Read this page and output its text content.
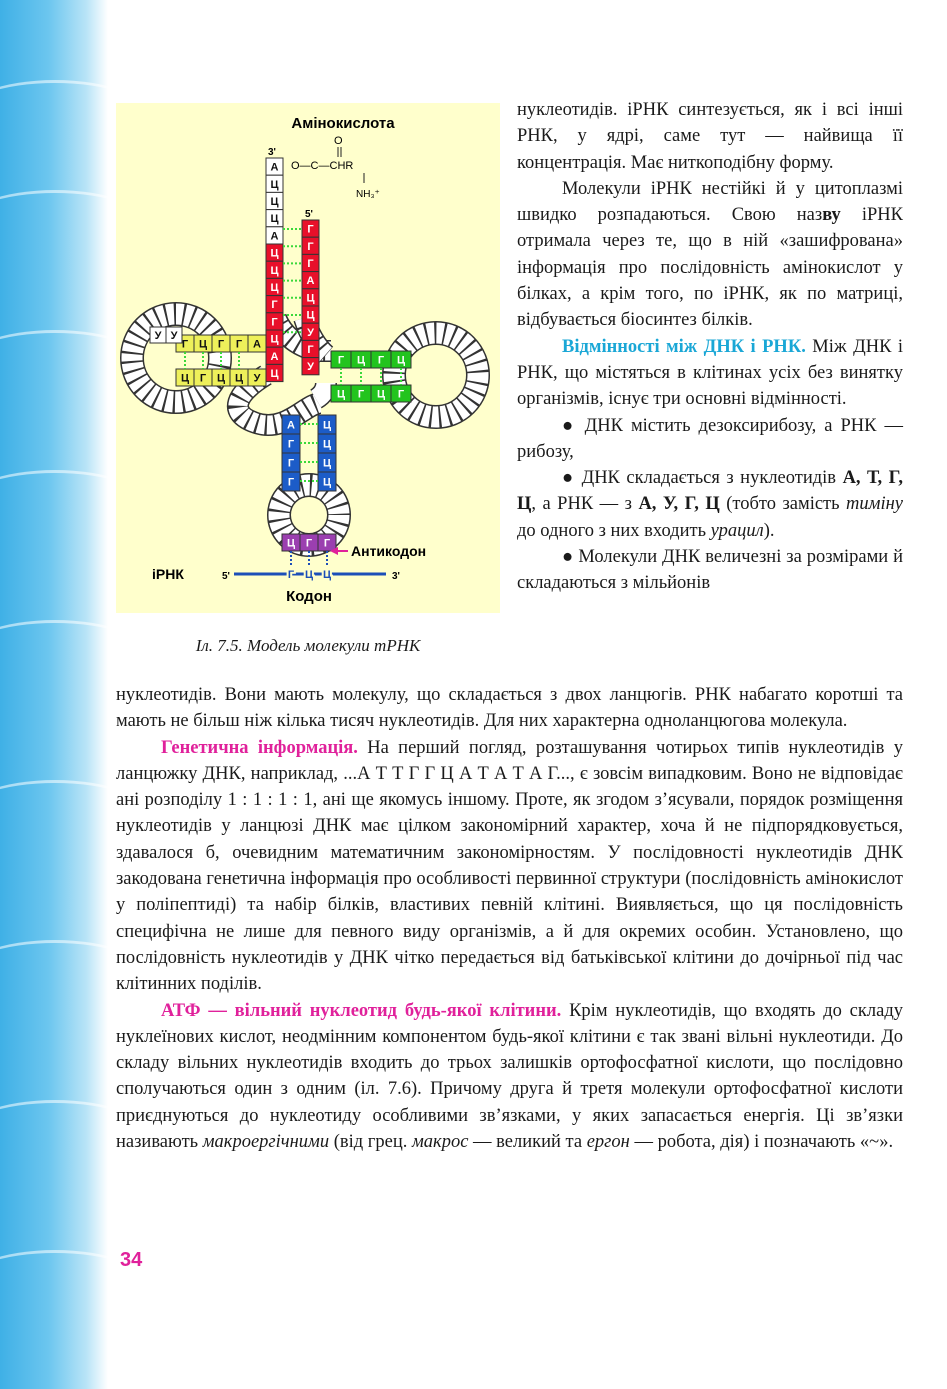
А
Ц
Ц
Ц
А
Ц
Ц
Ц
Г
Г
Ц
А
Ц
Г
Г
Г
А
Ц
Ц
У
Г
У
Г Ц Г Г А
Ц Г Ц Ц У
Г Ц Г Ц
Ц Г Ц Г
А
Г
Г
Г
Ц
Ц
Ц
Ц
Ц Г Г
У У
Амінокислота
3'
5'
O
O—C—CHR
NH₃⁺
Антикодон
іРНК	5'	3'
Г Ц Ц
Кодон
Іл. 7.5. Модель молекули тРНК

нуклеотидів. іРНК синтезується, як і всі інші РНК, у ядрі, саме тут — найвища її концентрація. Має ниткоподібну форму.

Молекули іРНК нестійкі й у цитоплазмі швидко розпадаються. Свою назву іРНК отримала через те, що в ній «зашифрована» інформація про послідовність амінокислот у білках, а крім того, по іРНК, як по матриці, відбувається біосинтез білків.

Відмінності між ДНК і РНК. Між ДНК і РНК, що містяться в клітинах усіх без винятку організмів, існує три основні відмінності.

● ДНК містить дезоксирибозу, а РНК — рибозу,

● ДНК складається з нуклеотидів А, Т, Г, Ц, а РНК — з А, У, Г, Ц (тобто замість тиміну до одного з них входить урацил).

● Молекули ДНК величезні за розмірами й складаються з мільйонів

нуклеотидів. Вони мають молекулу, що складається з двох ланцюгів. РНК набагато коротші та мають не більш ніж кілька тисяч нуклеотидів. Для них характерна одноланцюгова молекула.

Генетична інформація. На перший погляд, розташування чотирьох типів нуклеотидів у ланцюжку ДНК, наприклад, ...А Т Т Г Г Ц А Т А Т А Г..., є зовсім випадковим. Воно не відповідає ані розподілу 1 : 1 : 1 : 1, ані ще якомусь іншому. Проте, як згодом з’ясували, порядок розміщення нуклеотидів у ланцюзі ДНК має цілком закономірний характер, хоча й не підпорядковується, здавалося б, очевидним математичним закономірностям. У послідовності нуклеотидів ДНК закодована генетична інформація про особливості первинної структури (послідовність амінокислот у поліпептиді) та набір білків, властивих певній клітині. Виявляється, що ця послідовність специфічна не лише для певного виду організмів, а й для окремих особин. Установлено, що послідовність нуклеотидів у ДНК чітко передається від батьківської клітини до дочірньої під час клітинних поділів.

АТФ — вільний нуклеотид будь-якої клітини. Крім нуклеотидів, що входять до складу нуклеїнових кислот, неодмінним компонентом будь-якої клітини є так звані вільні нуклеотиди. До складу вільних нуклеотидів входить до трьох залишків ортофосфатної кислоти, що послідовно сполучаються один з одним (іл. 7.6). Причому друга й третя молекули ортофосфатної кислоти приєднуються до нуклеотиду особливими зв’язками, у яких запасається енергія. Ці зв’язки називають макроергічними (від грец. макрос — великий та ергон — робота, дія) і позначають «~».

34
